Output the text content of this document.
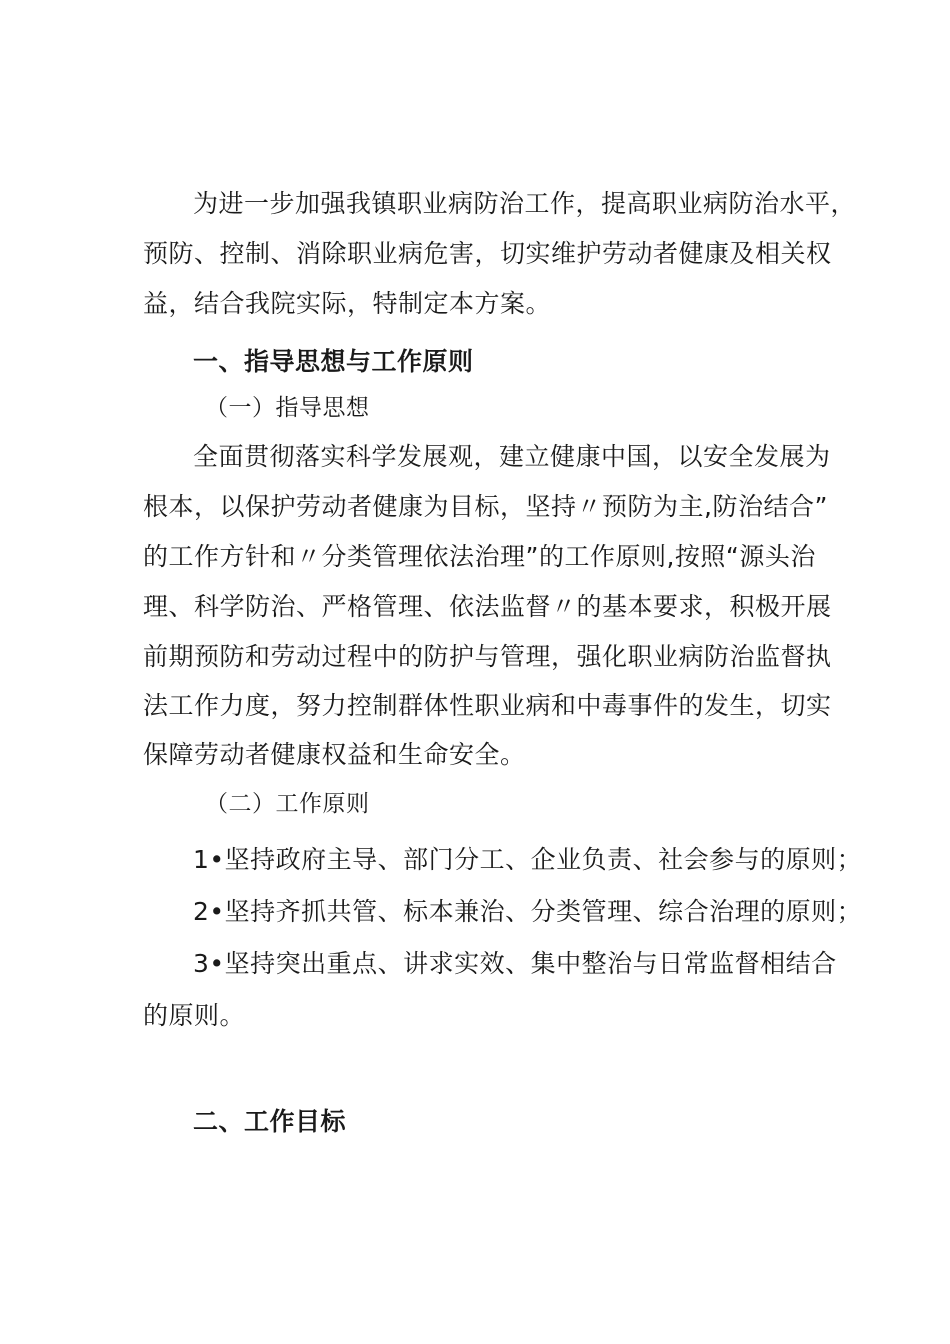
为进一步加强我镇职业病防治工作，提高职业病防治水平，
预防、控制、消除职业病危害，切实维护劳动者健康及相关权
益，结合我院实际，特制定本方案。
一、指导思想与工作原则
（一）指导思想
全面贯彻落实科学发展观，建立健康中国，以安全发展为
根本，以保护劳动者健康为目标，坚持〃预防为主,防治结合”
的工作方针和〃分类管理依法治理”的工作原则,按照“源头治
理、科学防治、严格管理、依法监督〃的基本要求，积极开展
前期预防和劳动过程中的防护与管理，强化职业病防治监督执
法工作力度，努力控制群体性职业病和中毒事件的发生，切实
保障劳动者健康权益和生命安全。
（二）工作原则
1•坚持政府主导、部门分工、企业负责、社会参与的原则；
2•坚持齐抓共管、标本兼治、分类管理、综合治理的原则；
3•坚持突出重点、讲求实效、集中整治与日常监督相结合
的原则。
二、工作目标
